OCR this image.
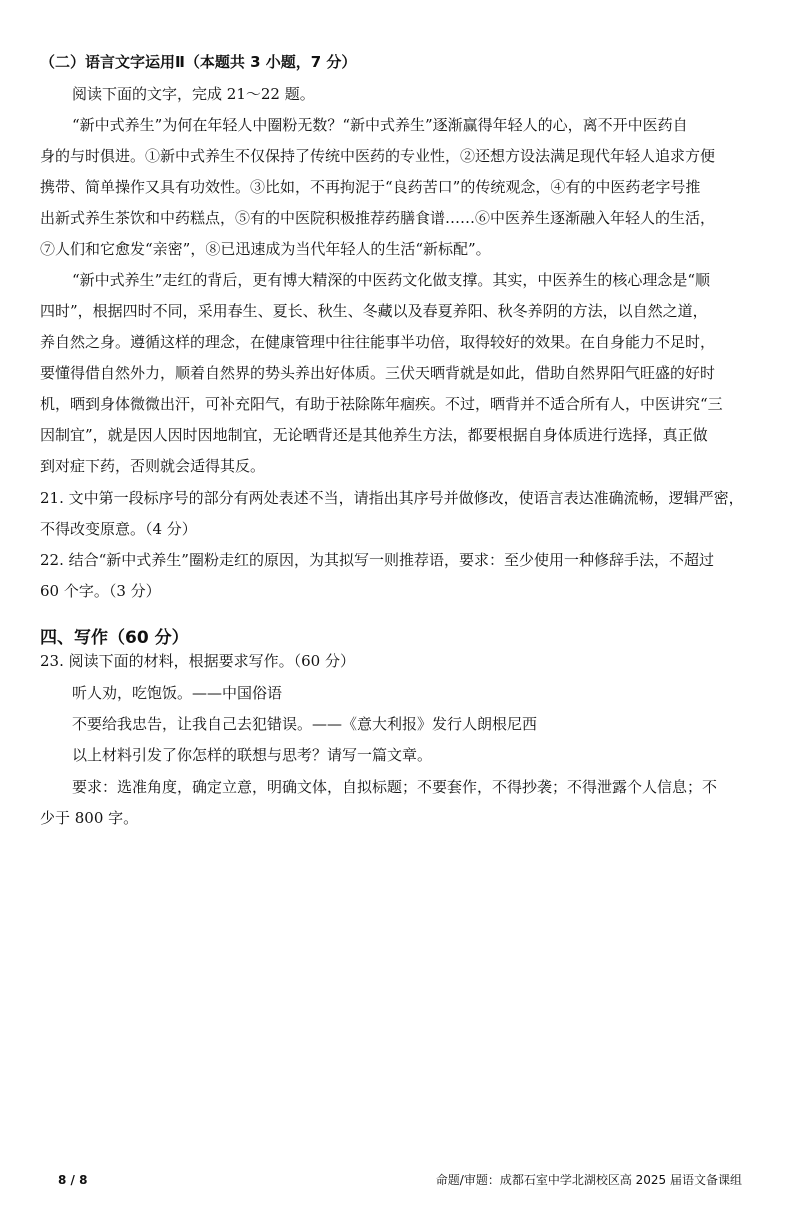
（二）语言文字运用Ⅱ（本题共 3 小题，7 分）
阅读下面的文字，完成 21～22 题。
“新中式养生”为何在年轻人中圈粉无数？“新中式养生”逐渐赢得年轻人的心，离不开中医药自
身的与时俱进。①新中式养生不仅保持了传统中医药的专业性，②还想方设法满足现代年轻人追求方便
携带、简单操作又具有功效性。③比如，不再拘泥于“良药苦口”的传统观念，④有的中医药老字号推
出新式养生茶饮和中药糕点，⑤有的中医院积极推荐药膳食谱……⑥中医养生逐渐融入年轻人的生活，
⑦人们和它愈发“亲密”，⑧已迅速成为当代年轻人的生活“新标配”。
“新中式养生”走红的背后，更有博大精深的中医药文化做支撑。其实，中医养生的核心理念是“顺
四时”，根据四时不同，采用春生、夏长、秋生、冬藏以及春夏养阳、秋冬养阴的方法，以自然之道，
养自然之身。遵循这样的理念，在健康管理中往往能事半功倍，取得较好的效果。在自身能力不足时，
要懂得借自然外力，顺着自然界的势头养出好体质。三伏天晒背就是如此，借助自然界阳气旺盛的好时
机，晒到身体微微出汗，可补充阳气，有助于祛除陈年痼疾。不过，晒背并不适合所有人，中医讲究“三
因制宜”，就是因人因时因地制宜，无论晒背还是其他养生方法，都要根据自身体质进行选择，真正做
到对症下药，否则就会适得其反。
21. 文中第一段标序号的部分有两处表述不当，请指出其序号并做修改，使语言表达准确流畅，逻辑严密，
不得改变原意。（4 分）
22. 结合“新中式养生”圈粉走红的原因，为其拟写一则推荐语，要求：至少使用一种修辞手法，不超过
60 个字。（3 分）
四、写作（60 分）
23. 阅读下面的材料，根据要求写作。（60 分）
听人劝，吃饱饭。——中国俗语
不要给我忠告，让我自己去犯错误。——《意大利报》发行人朗根尼西
以上材料引发了你怎样的联想与思考？请写一篇文章。
要求：选准角度，确定立意，明确文体，自拟标题；不要套作，不得抄袭；不得泄露个人信息；不
少于 800 字。
8 / 8	命题/审题：成都石室中学北湖校区高 2025 届语文备课组
